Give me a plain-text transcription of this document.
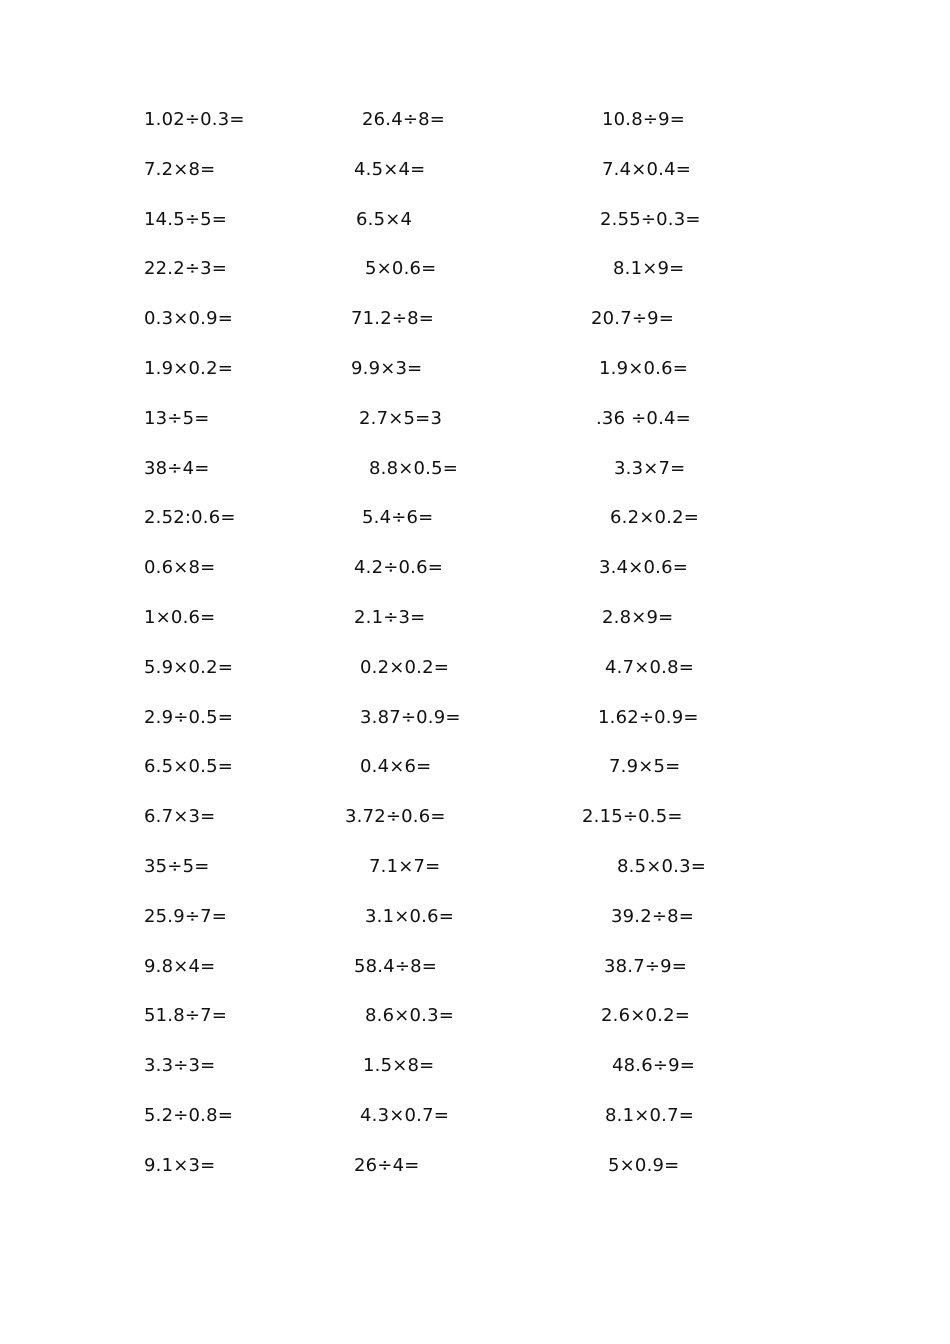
1.02÷0.3=	26.4÷8=	10.8÷9=
7.2×8=	4.5×4=	7.4×0.4=
14.5÷5=	6.5×4	2.55÷0.3=
22.2÷3=	5×0.6=	8.1×9=
0.3×0.9=	71.2÷8=	20.7÷9=
1.9×0.2=	9.9×3=	1.9×0.6=
13÷5=	2.7×5=3	.36 ÷0.4=
38÷4=	8.8×0.5=	3.3×7=
2.52:0.6=	5.4÷6=	6.2×0.2=
0.6×8=	4.2÷0.6=	3.4×0.6=
1×0.6=	2.1÷3=	2.8×9=
5.9×0.2=	0.2×0.2=	4.7×0.8=
2.9÷0.5=	3.87÷0.9=	1.62÷0.9=
6.5×0.5=	0.4×6=	7.9×5=
6.7×3=	3.72÷0.6=	2.15÷0.5=
35÷5=	7.1×7=	8.5×0.3=
25.9÷7=	3.1×0.6=	39.2÷8=
9.8×4=	58.4÷8=	38.7÷9=
51.8÷7=	8.6×0.3=	2.6×0.2=
3.3÷3=	1.5×8=	48.6÷9=
5.2÷0.8=	4.3×0.7=	8.1×0.7=
9.1×3=	26÷4=	5×0.9=
